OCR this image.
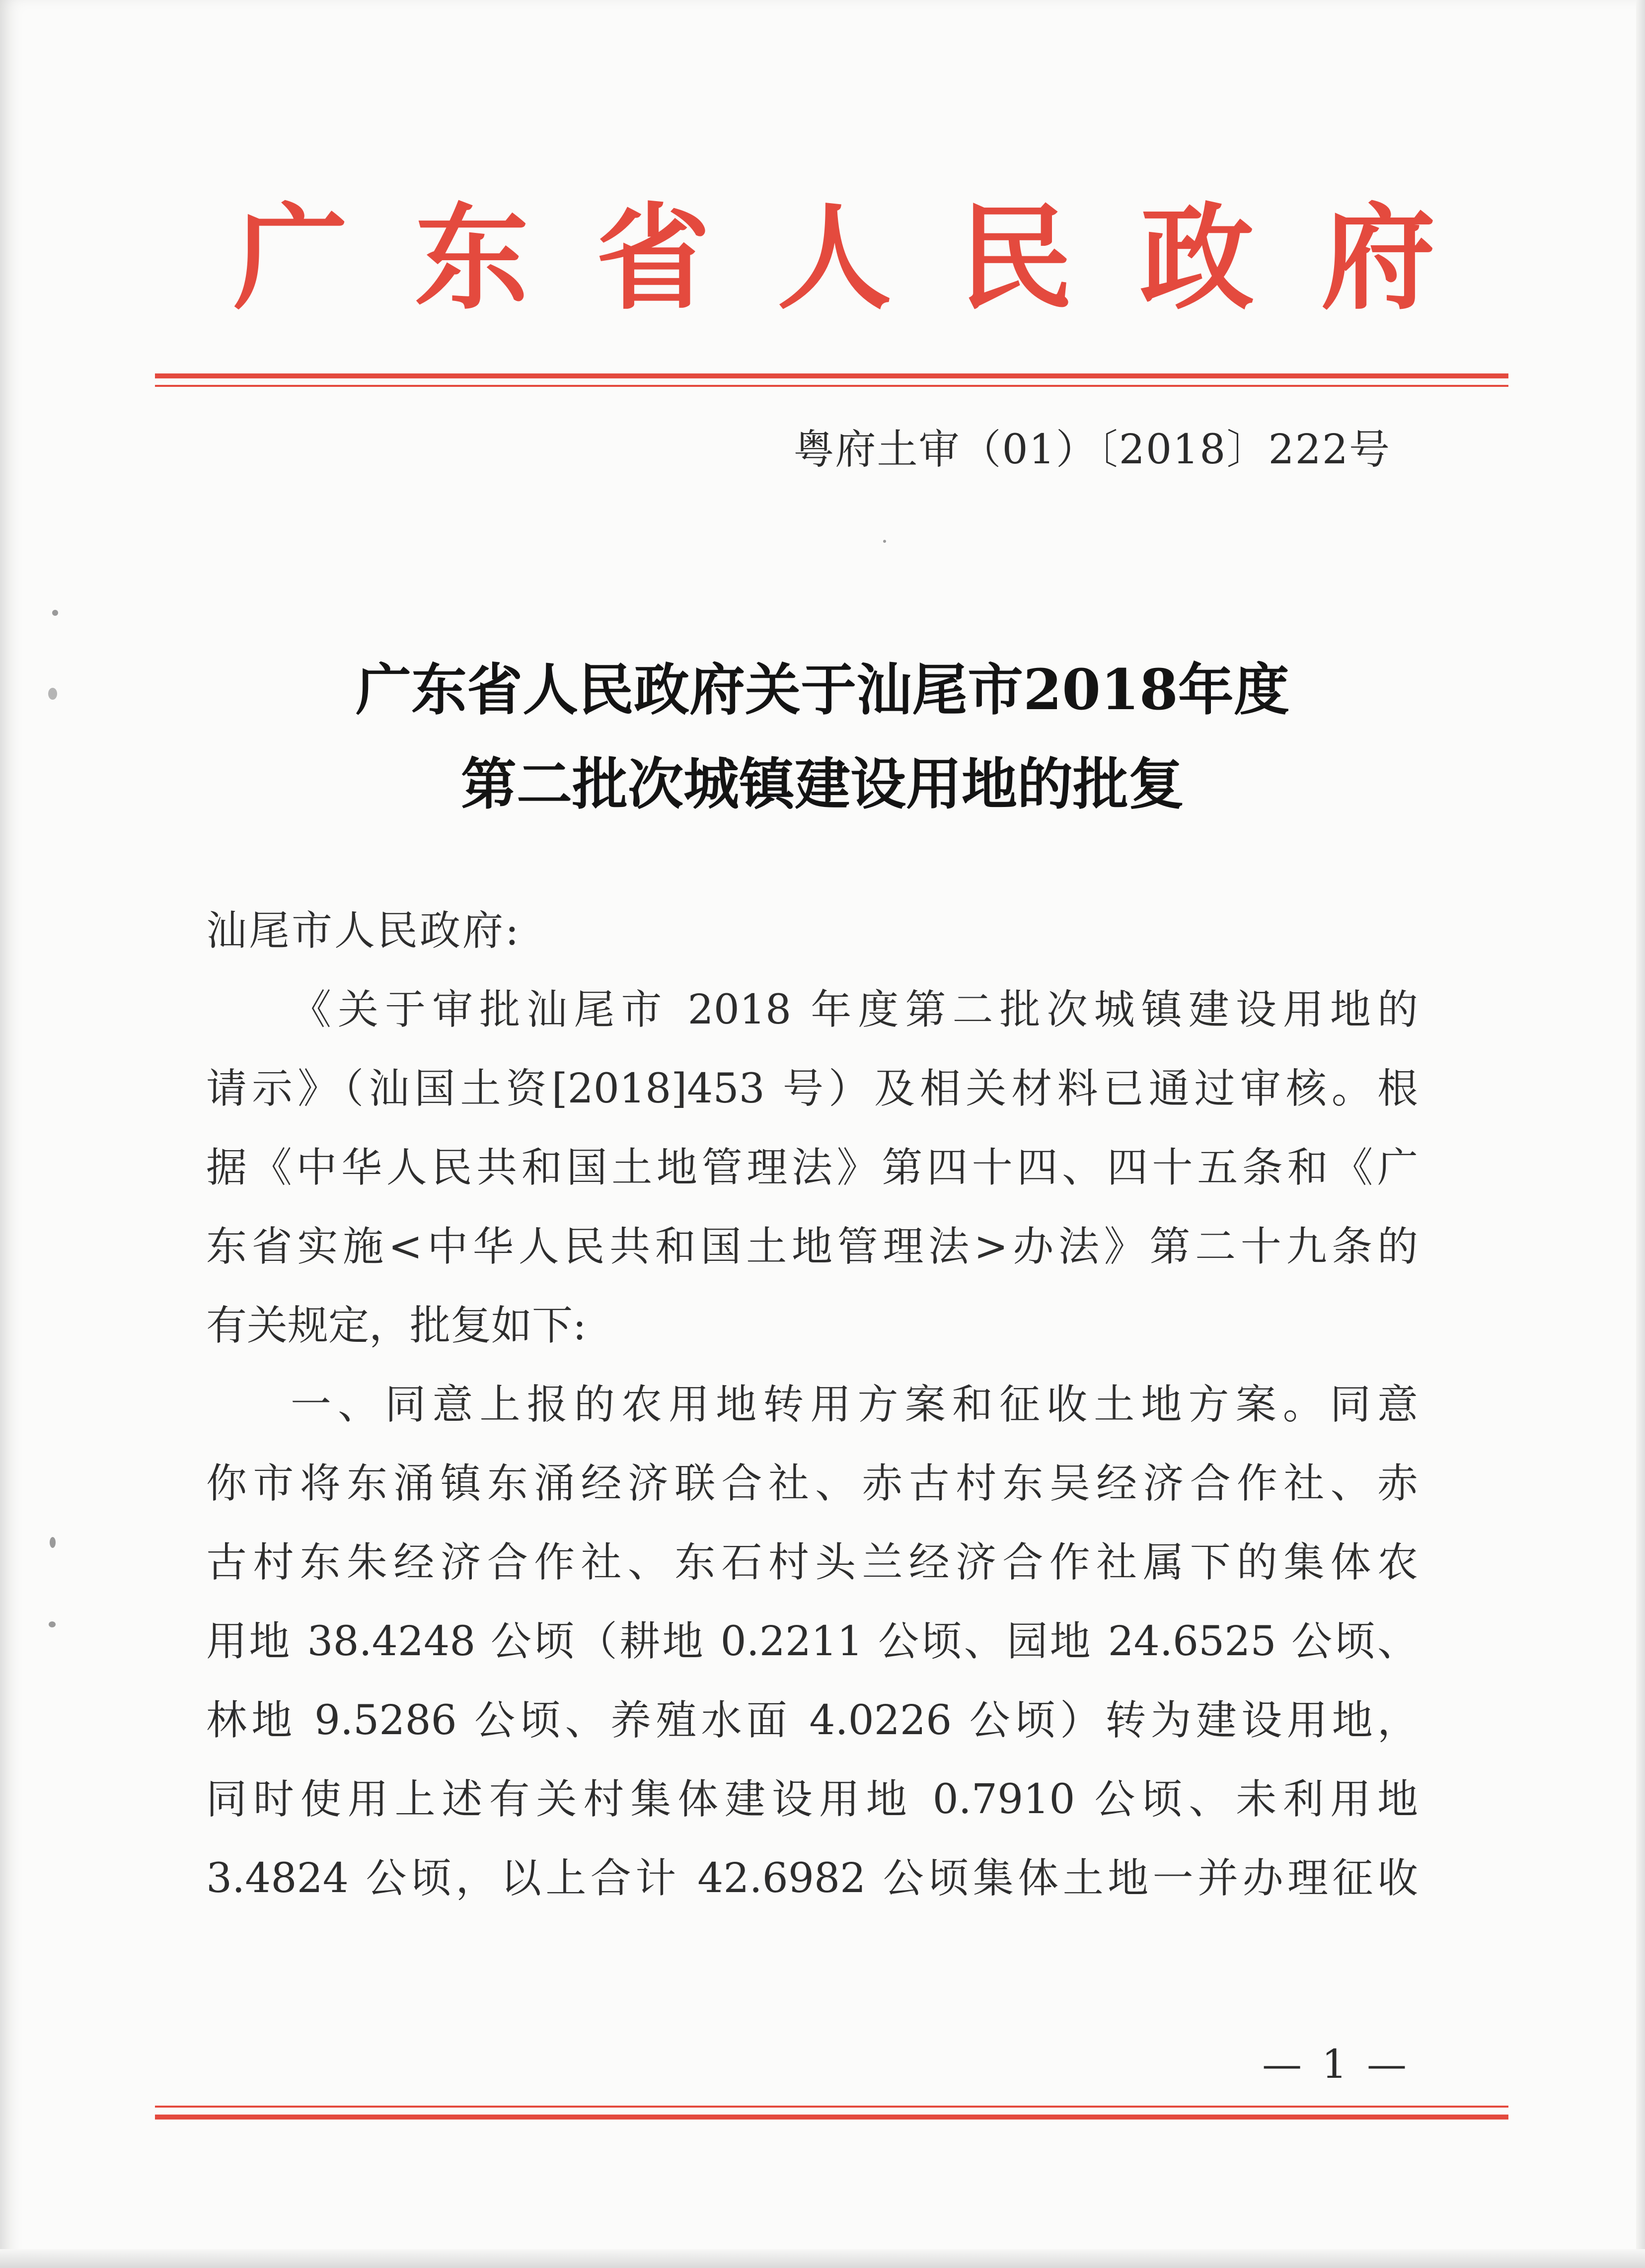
广 东 省 人 民 政 府
粤府土审（01）〔2018〕222号
广东省人民政府关于汕尾市2018年度
第二批次城镇建设用地的批复
汕尾市人民政府:
《关于审批汕尾市 2018 年度第二批次城镇建设用地的
请示》（汕国土资[2018]453 号）及相关材料已通过审核。根
据《中华人民共和国土地管理法》第四十四、四十五条和《广
东省实施<中华人民共和国土地管理法>办法》第二十九条的
有关规定，批复如下:
一、同意上报的农用地转用方案和征收土地方案。同意
你市将东涌镇东涌经济联合社、赤古村东吴经济合作社、赤
古村东朱经济合作社、东石村头兰经济合作社属下的集体农
用地 38.4248 公顷（耕地 0.2211 公顷、园地 24.6525 公顷、
林地 9.5286 公顷、养殖水面 4.0226 公顷）转为建设用地，
同时使用上述有关村集体建设用地 0.7910 公顷、未利用地
3.4824 公顷，以上合计 42.6982 公顷集体土地一并办理征收
— 1 —
